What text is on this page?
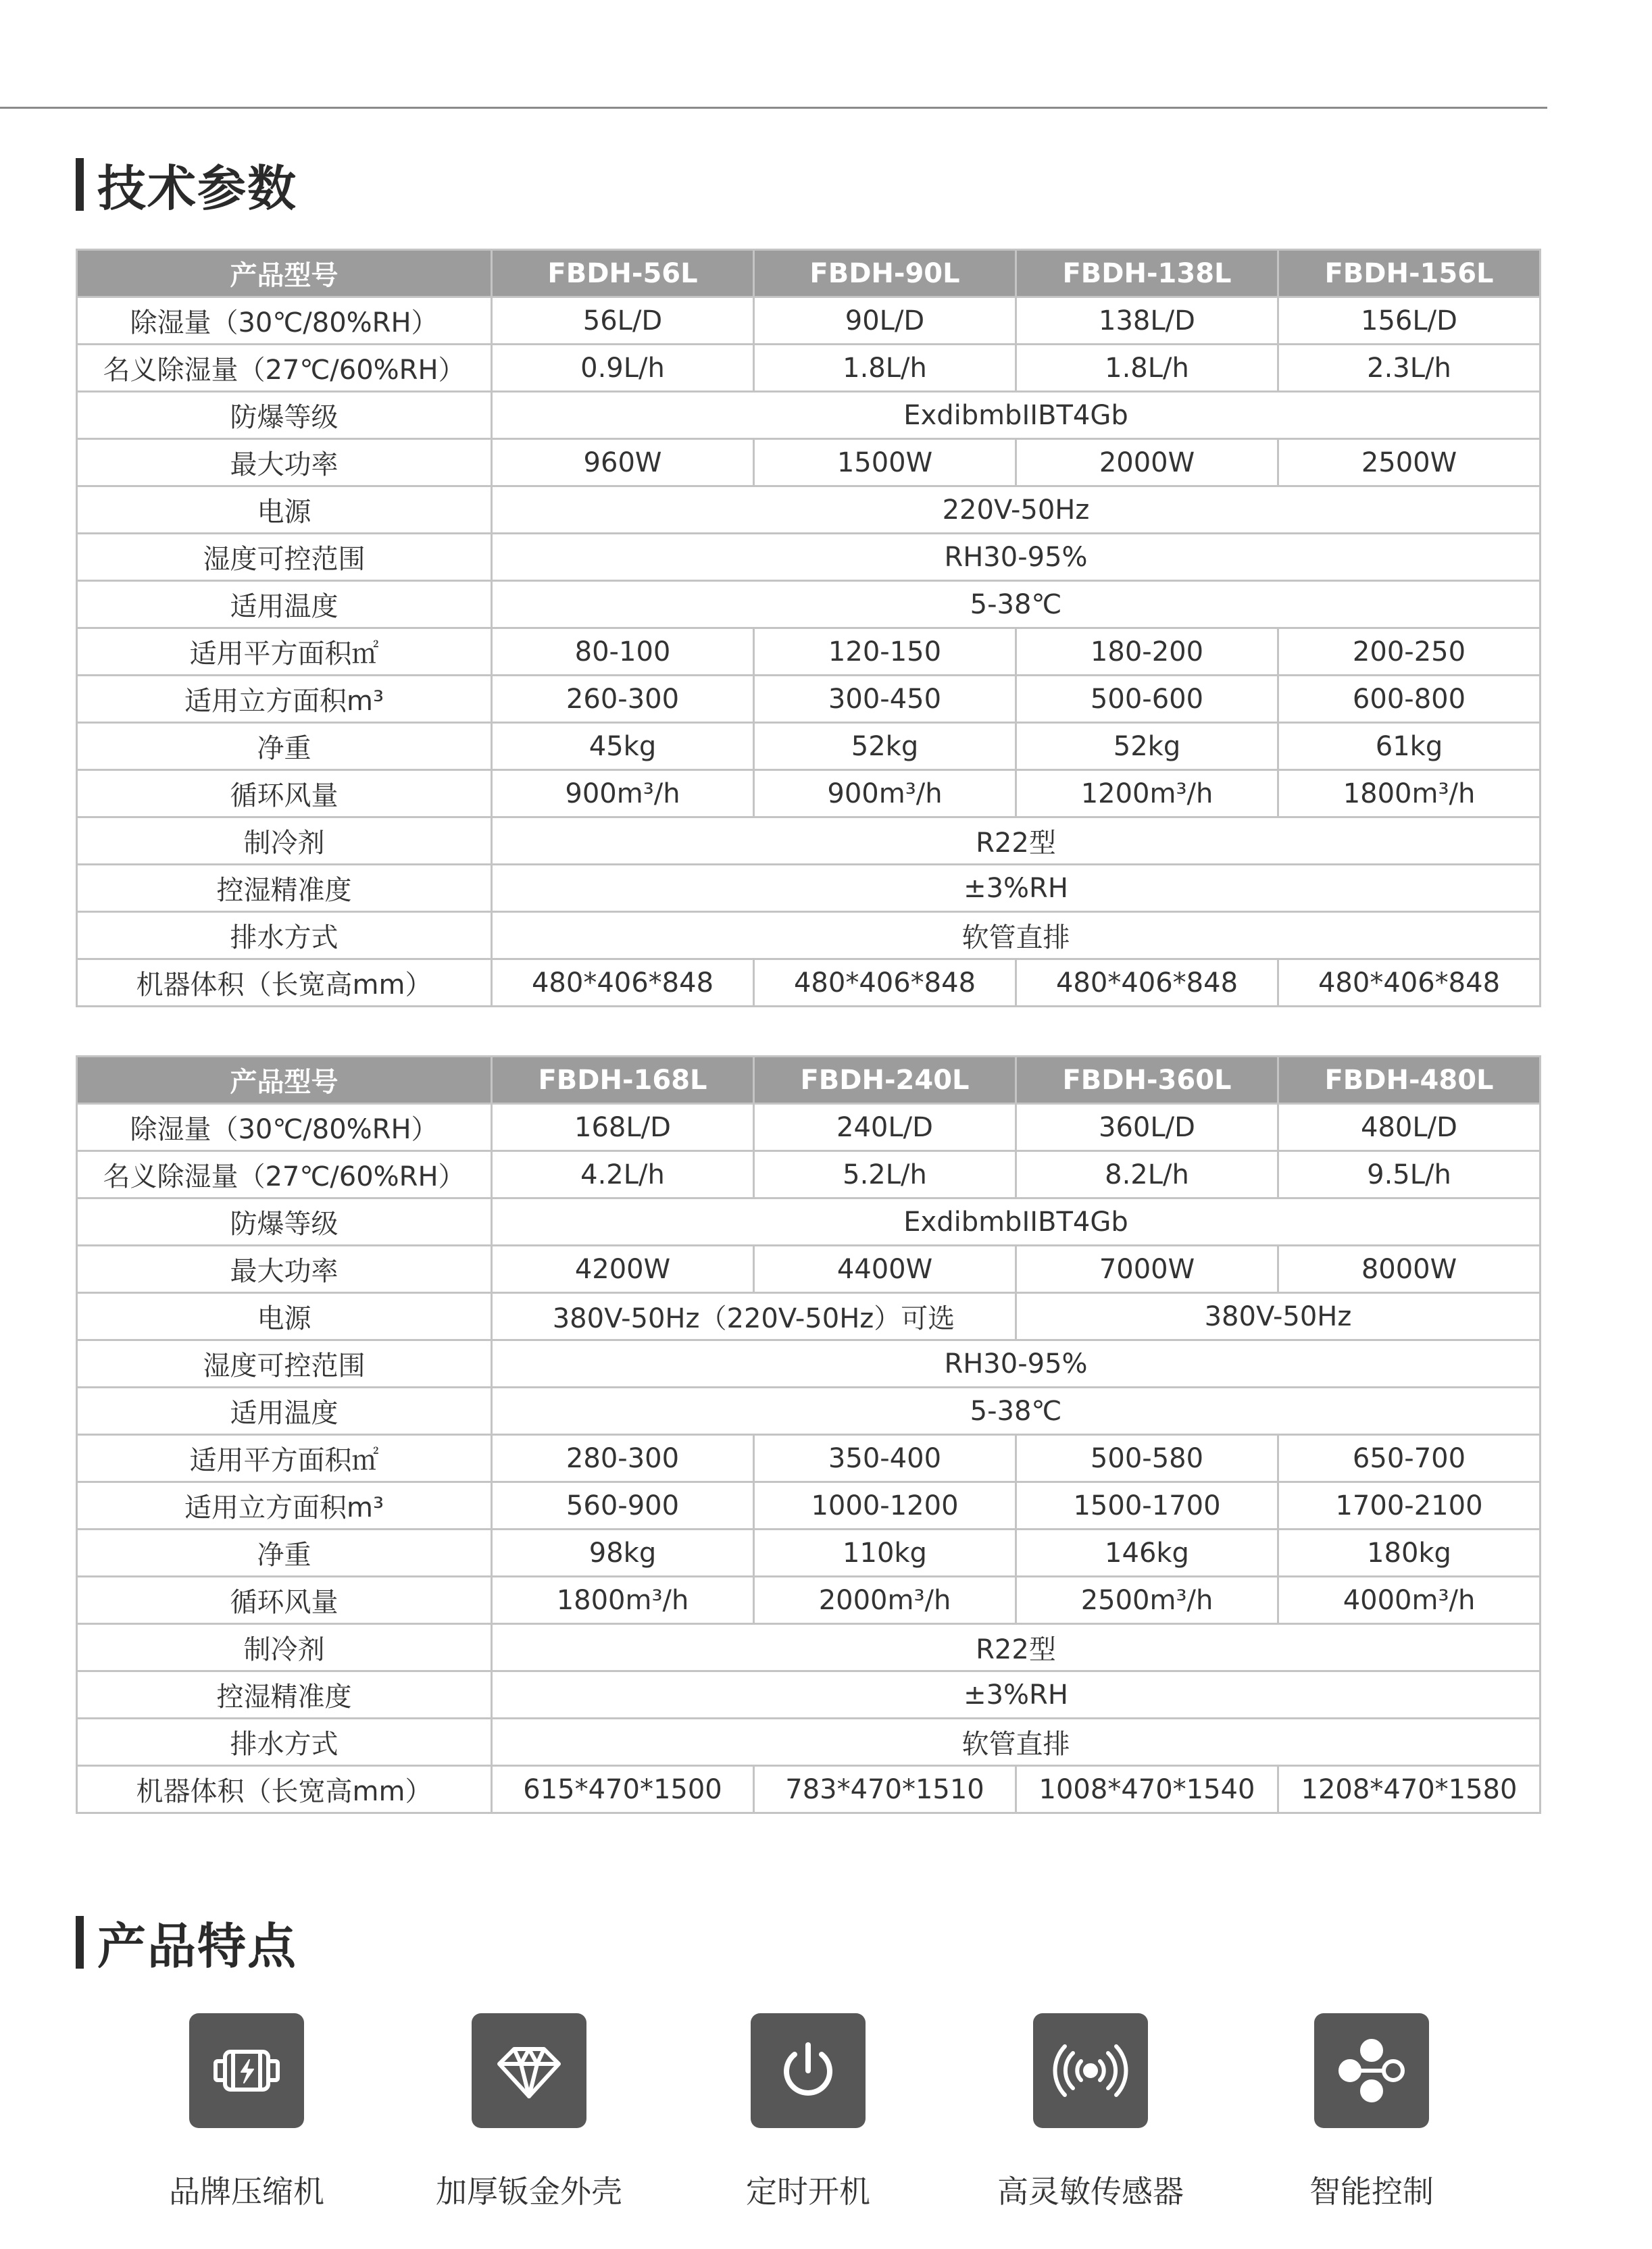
技术参数
产品型号	FBDH-56L	FBDH-90L	FBDH-138L	FBDH-156L
除湿量（30℃/80%RH）	56L/D	90L/D	138L/D	156L/D
名义除湿量（27℃/60%RH）	0.9L/h	1.8L/h	1.8L/h	2.3L/h
防爆等级	ExdibmbIIBT4Gb			
最大功率	960W	1500W	2000W	2500W
电源	220V-50Hz			
湿度可控范围	RH30-95%			
适用温度	5-38℃			
适用平方面积㎡	80-100	120-150	180-200	200-250
适用立方面积m³	260-300	300-450	500-600	600-800
净重	45kg	52kg	52kg	61kg
循环风量	900m³/h	900m³/h	1200m³/h	1800m³/h
制冷剂	R22型			
控湿精准度	±3%RH			
排水方式	软管直排			
机器体积（长宽高mm）	480*406*848	480*406*848	480*406*848	480*406*848
产品型号	FBDH-168L	FBDH-240L	FBDH-360L	FBDH-480L
除湿量（30℃/80%RH）	168L/D	240L/D	360L/D	480L/D
名义除湿量（27℃/60%RH）	4.2L/h	5.2L/h	8.2L/h	9.5L/h
防爆等级	ExdibmbIIBT4Gb			
最大功率	4200W	4400W	7000W	8000W
电源	380V-50Hz（220V-50Hz）可选		380V-50Hz	
湿度可控范围	RH30-95%			
适用温度	5-38℃			
适用平方面积㎡	280-300	350-400	500-580	650-700
适用立方面积m³	560-900	1000-1200	1500-1700	1700-2100
净重	98kg	110kg	146kg	180kg
循环风量	1800m³/h	2000m³/h	2500m³/h	4000m³/h
制冷剂	R22型			
控湿精准度	±3%RH			
排水方式	软管直排			
机器体积（长宽高mm）	615*470*1500	783*470*1510	1008*470*1540	1208*470*1580
产品特点
品牌压缩机	加厚钣金外壳	定时开机	高灵敏传感器	智能控制
